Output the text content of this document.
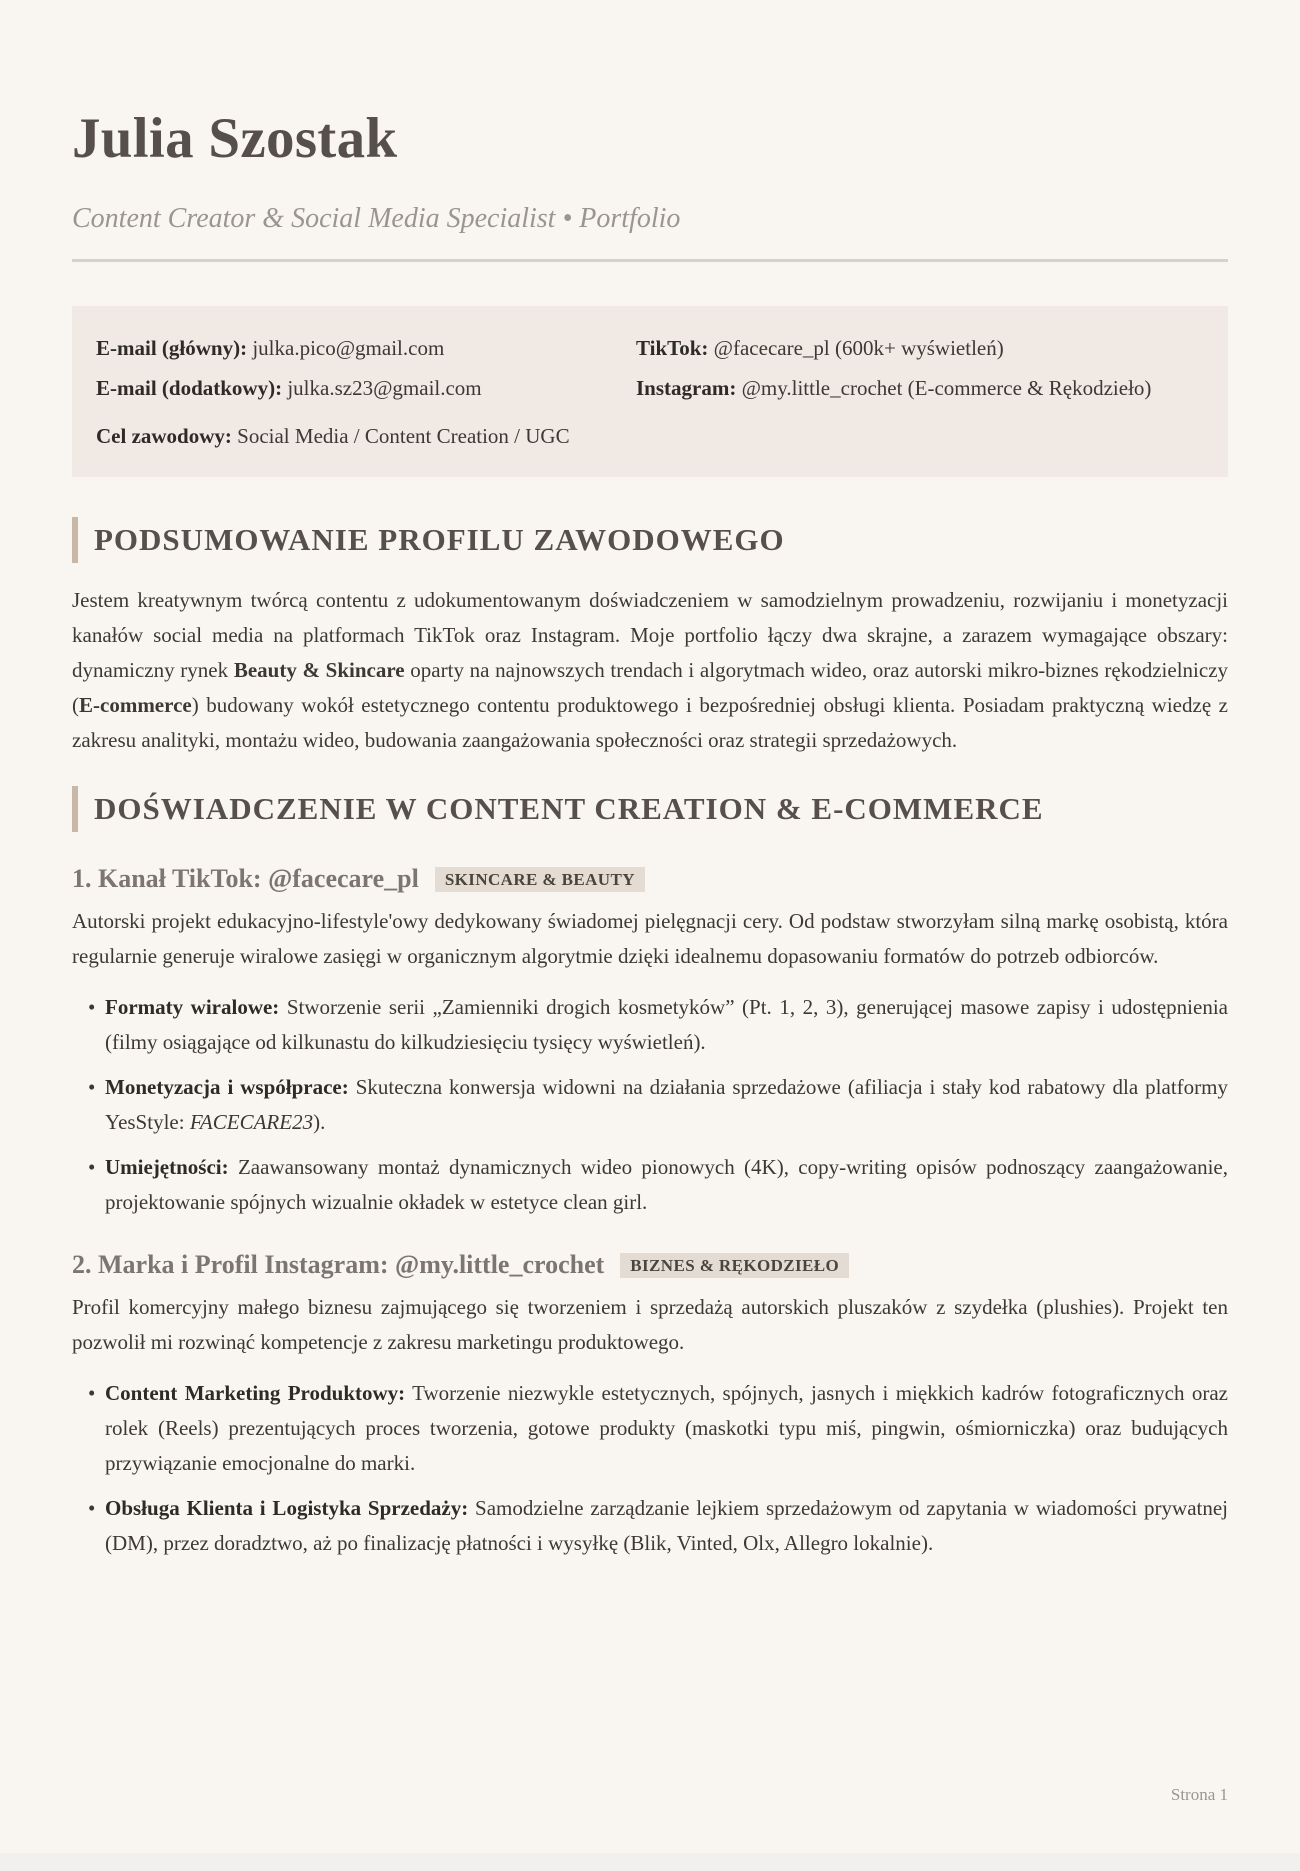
Julia Szostak
Content Creator & Social Media Specialist • Portfolio
E-mail (główny): julka.pico@gmail.com
E-mail (dodatkowy): julka.sz23@gmail.com
TikTok: @facecare_pl (600k+ wyświetleń)
Instagram: @my.little_crochet (E-commerce & Rękodzieło)
Cel zawodowy: Social Media / Content Creation / UGC
PODSUMOWANIE PROFILU ZAWODOWEGO

Jestem kreatywnym twórcą contentu z udokumentowanym doświadczeniem w samodzielnym prowadzeniu, rozwijaniu i monetyzacji kanałów social media na platformach TikTok oraz Instagram. Moje portfolio łączy dwa skrajne, a zarazem wymagające obszary: dynamiczny rynek Beauty & Skincare oparty na najnowszych trendach i algorytmach wideo, oraz autorski mikro-biznes rękodzielniczy (E-commerce) budowany wokół estetycznego contentu produktowego i bezpośredniej obsługi klienta. Posiadam praktyczną wiedzę z zakresu analityki, montażu wideo, budowania zaangażowania społeczności oraz strategii sprzedażowych.

DOŚWIADCZENIE W CONTENT CREATION & E-COMMERCE
1. Kanał TikTok: @facecare_pl	SKINCARE & BEAUTY

Autorski projekt edukacyjno-lifestyle'owy dedykowany świadomej pielęgnacji cery. Od podstaw stworzyłam silną markę osobistą, która regularnie generuje wiralowe zasięgi w organicznym algorytmie dzięki idealnemu dopasowaniu formatów do potrzeb odbiorców.

• Formaty wiralowe: Stworzenie serii „Zamienniki drogich kosmetyków” (Pt. 1, 2, 3), generującej masowe zapisy i udostępnienia (filmy osiągające od kilkunastu do kilkudziesięciu tysięcy wyświetleń).
• Monetyzacja i współprace: Skuteczna konwersja widowni na działania sprzedażowe (afiliacja i stały kod rabatowy dla platformy YesStyle: FACECARE23).
• Umiejętności: Zaawansowany montaż dynamicznych wideo pionowych (4K), copy-writing opisów podnoszący zaangażowanie, projektowanie spójnych wizualnie okładek w estetyce clean girl.
2. Marka i Profil Instagram: @my.little_crochet	BIZNES & RĘKODZIEŁO

Profil komercyjny małego biznesu zajmującego się tworzeniem i sprzedażą autorskich pluszaków z szydełka (plushies). Projekt ten pozwolił mi rozwinąć kompetencje z zakresu marketingu produktowego.

• Content Marketing Produktowy: Tworzenie niezwykle estetycznych, spójnych, jasnych i miękkich kadrów fotograficznych oraz rolek (Reels) prezentujących proces tworzenia, gotowe produkty (maskotki typu miś, pingwin, ośmiorniczka) oraz budujących przywiązanie emocjonalne do marki.
• Obsługa Klienta i Logistyka Sprzedaży: Samodzielne zarządzanie lejkiem sprzedażowym od zapytania w wiadomości prywatnej (DM), przez doradztwo, aż po finalizację płatności i wysyłkę (Blik, Vinted, Olx, Allegro lokalnie).
Strona 1
